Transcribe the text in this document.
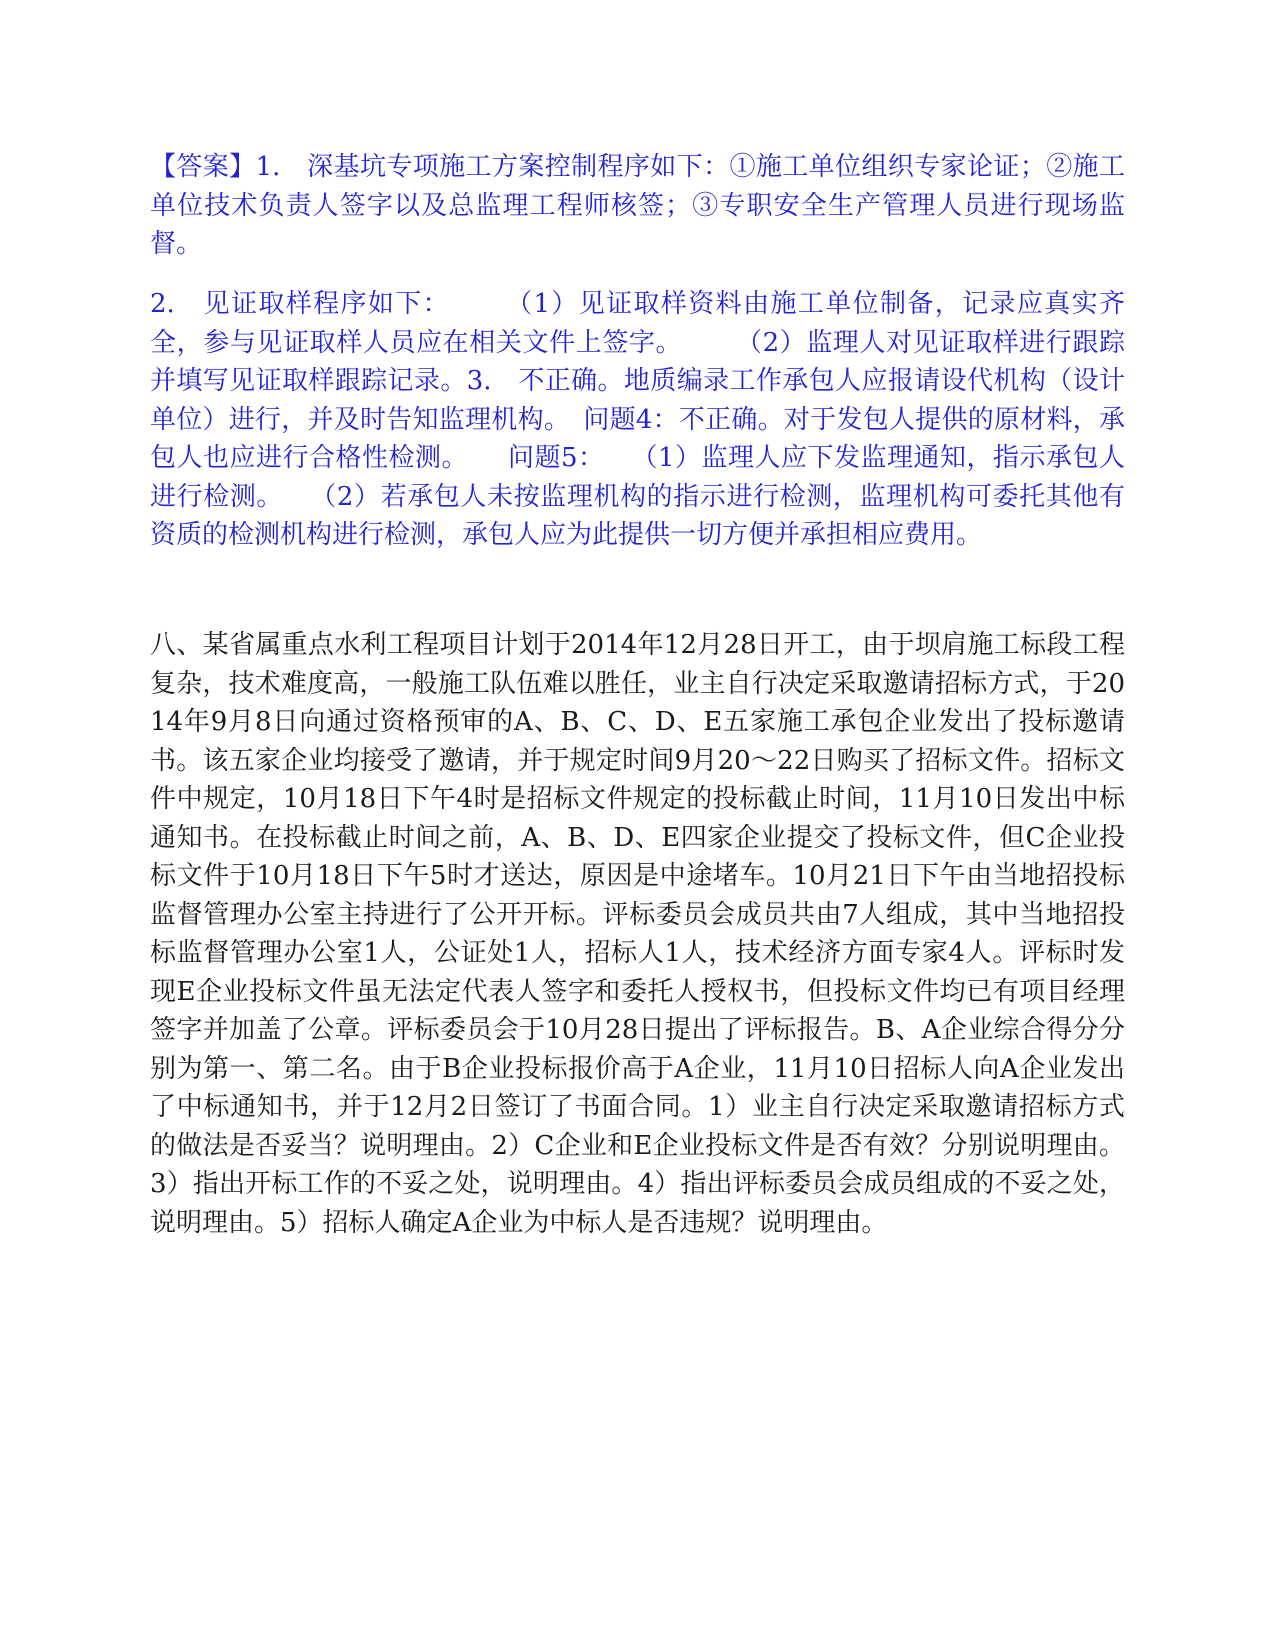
【答案】1.　深基坑专项施工方案控制程序如下：①施工单位组织专家论证；②施工单位技术负责人签字以及总监理工程师核签；③专职安全生产管理人员进行现场监督。

2.　见证取样程序如下：　　　（1）见证取样资料由施工单位制备，记录应真实齐全，参与见证取样人员应在相关文件上签字。　　　（2）监理人对见证取样进行跟踪并填写见证取样跟踪记录。3.　不正确。地质编录工作承包人应报请设代机构（设计单位）进行，并及时告知监理机构。　问题4：不正确。对于发包人提供的原材料，承包人也应进行合格性检测。　　问题5：　　（1）监理人应下发监理通知，指示承包人进行检测。　　（2）若承包人未按监理机构的指示进行检测，监理机构可委托其他有资质的检测机构进行检测，承包人应为此提供一切方便并承担相应费用。

八、某省属重点水利工程项目计划于2014年12月28日开工，由于坝肩施工标段工程复杂，技术难度高，一般施工队伍难以胜任，业主自行决定采取邀请招标方式，于2014年9月8日向通过资格预审的A、B、C、D、E五家施工承包企业发出了投标邀请书。该五家企业均接受了邀请，并于规定时间9月20～22日购买了招标文件。招标文件中规定，10月18日下午4时是招标文件规定的投标截止时间，11月10日发出中标通知书。在投标截止时间之前，A、B、D、E四家企业提交了投标文件，但C企业投标文件于10月18日下午5时才送达，原因是中途堵车。10月21日下午由当地招投标监督管理办公室主持进行了公开开标。评标委员会成员共由7人组成，其中当地招投标监督管理办公室1人，公证处1人，招标人1人，技术经济方面专家4人。评标时发现E企业投标文件虽无法定代表人签字和委托人授权书，但投标文件均已有项目经理签字并加盖了公章。评标委员会于10月28日提出了评标报告。B、A企业综合得分分别为第一、第二名。由于B企业投标报价高于A企业，11月10日招标人向A企业发出了中标通知书，并于12月2日签订了书面合同。1）业主自行决定采取邀请招标方式的做法是否妥当？说明理由。2）C企业和E企业投标文件是否有效？分别说明理由。3）指出开标工作的不妥之处，说明理由。4）指出评标委员会成员组成的不妥之处，说明理由。5）招标人确定A企业为中标人是否违规？说明理由。
